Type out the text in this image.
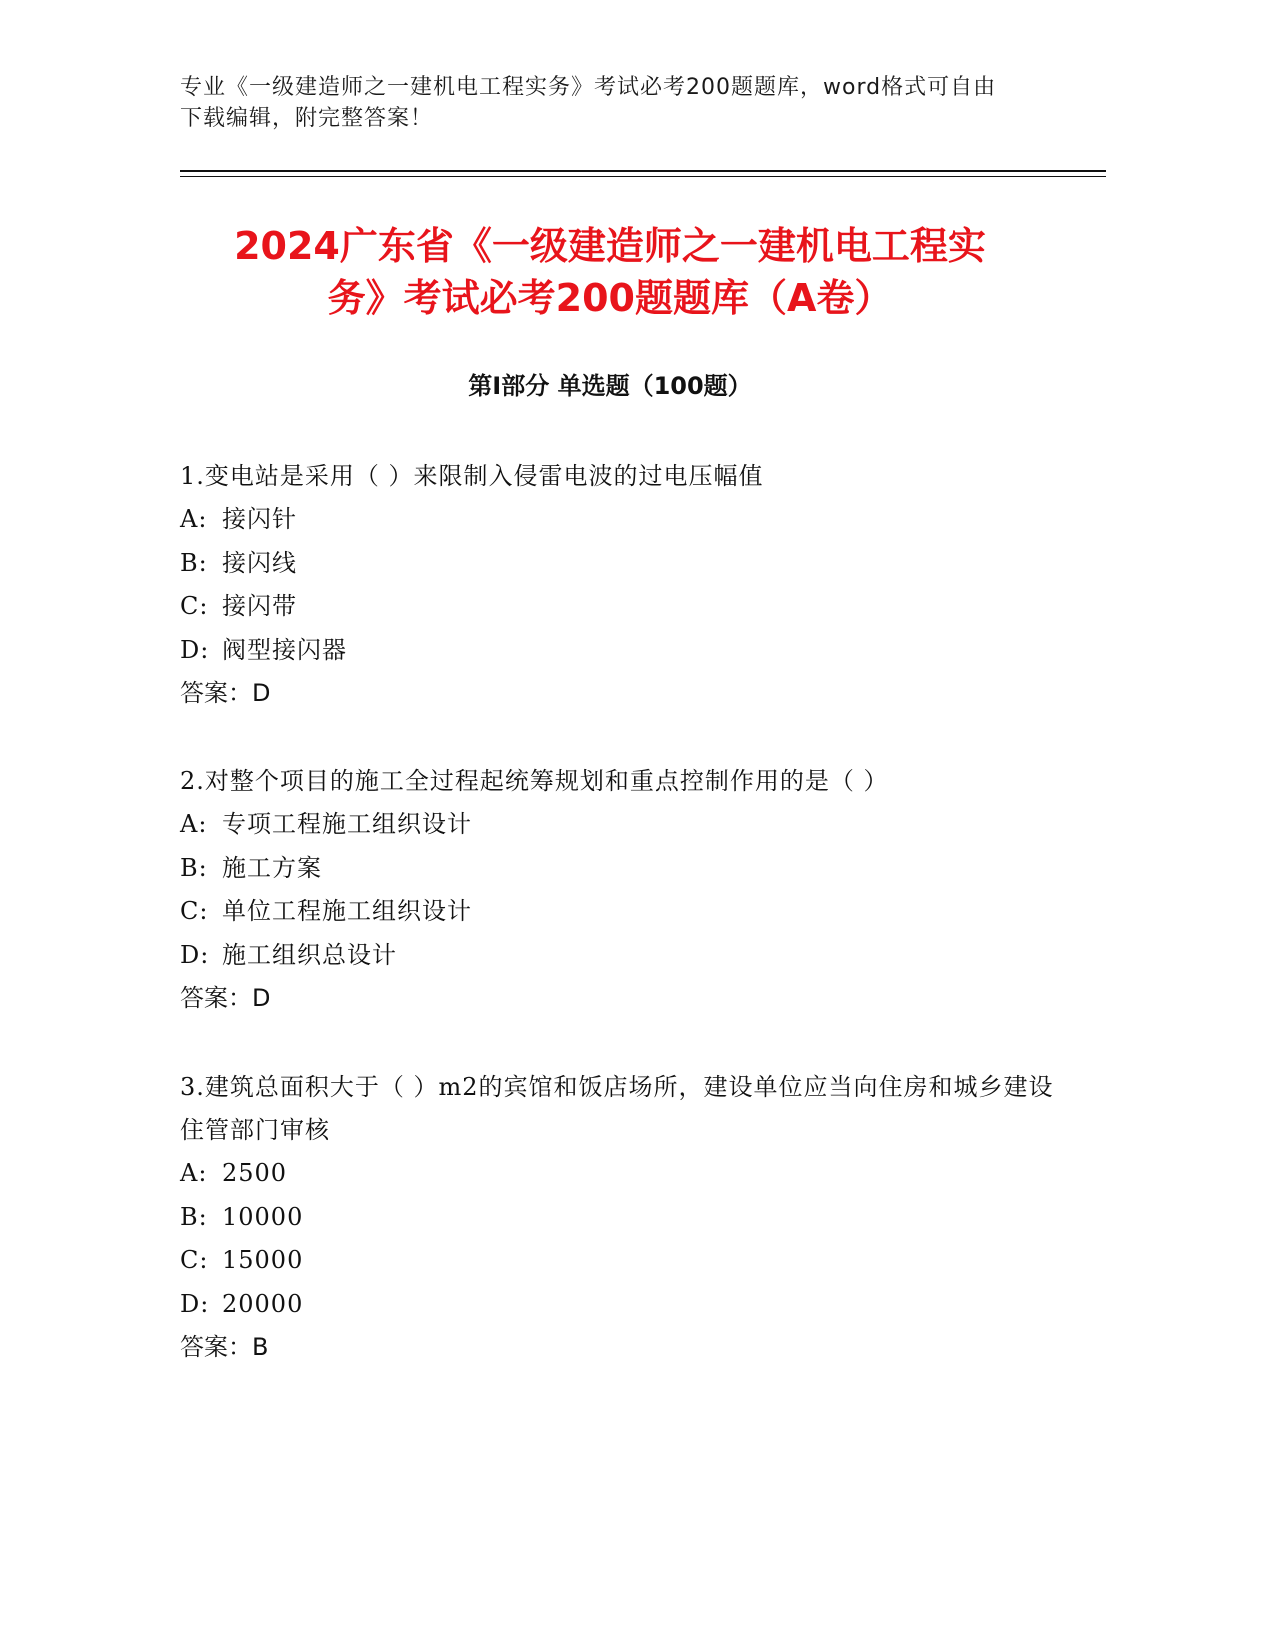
专业《一级建造师之一建机电工程实务》考试必考200题题库，word格式可自由
下载编辑，附完整答案！
2024广东省《一级建造师之一建机电工程实
务》考试必考200题题库（A卷）
第Ⅰ部分 单选题（100题）
1.变电站是采用（ ）来限制入侵雷电波的过电压幅值
A: 接闪针
B: 接闪线
C: 接闪带
D: 阀型接闪器
答案：D
2.对整个项目的施工全过程起统筹规划和重点控制作用的是（ ）
A: 专项工程施工组织设计
B: 施工方案
C: 单位工程施工组织设计
D: 施工组织总设计
答案：D
3.建筑总面积大于（ ）m2的宾馆和饭店场所，建设单位应当向住房和城乡建设住管部门审核
A: 2500
B: 10000
C: 15000
D: 20000
答案：B
